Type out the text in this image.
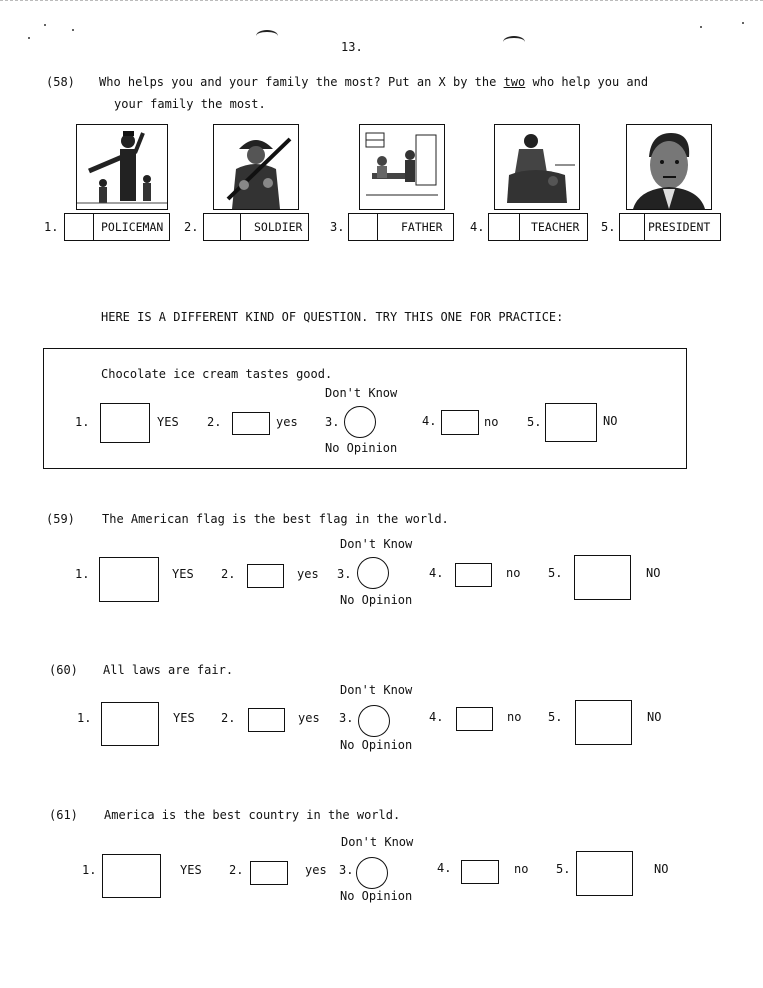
13.
(58) Who helps you and your family the most? Put an X by the two who help you and
your family the most.
1.	POLICEMAN 2.	SOLDIER 3.	FATHER 4.	TEACHER 5.	PRESIDENT
HERE IS A DIFFERENT KIND OF QUESTION. TRY THIS ONE FOR PRACTICE:
Chocolate ice cream tastes good.
Don't Know
1.	YES 2.	yes 3.
No Opinion
4.	no 5.	NO
(59) The American flag is the best flag in the world.
Don't Know
1.	YES 2.	yes 3.
No Opinion
4.	no 5.	NO
(60) All laws are fair.
Don't Know
1.	YES 2.	yes 3.
No Opinion
4.	no 5.	NO
(61) America is the best country in the world.
Don't Know
1.	YES 2.	yes 3.
No Opinion
4.	no 5.	NO
